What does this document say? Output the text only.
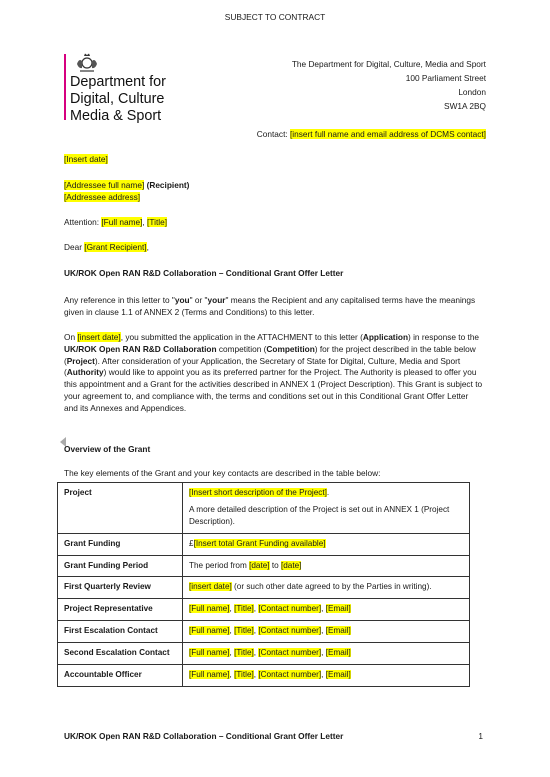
SUBJECT TO CONTRACT
Department for
Digital, Culture
Media & Sport
The Department for Digital, Culture, Media and Sport
100 Parliament Street
London
SW1A 2BQ
Contact: [insert full name and email address of DCMS contact]
[Insert date]
[Addressee full name] (Recipient)
[Addressee address]
Attention: [Full name], [Title]
Dear [Grant Recipient],
UK/ROK Open RAN R&D Collaboration – Conditional Grant Offer Letter

Any reference in this letter to "you" or "your" means the Recipient and any capitalised terms have the meanings given in clause 1.1 of ANNEX 2 (Terms and Conditions) to this letter.

On [insert date], you submitted the application in the ATTACHMENT to this letter (Application) in response to the UK/ROK Open RAN R&D Collaboration competition (Competition) for the project described in the table below (Project). After consideration of your Application, the Secretary of State for Digital, Culture, Media and Sport (Authority) would like to appoint you as its preferred partner for the Project. The Authority is pleased to offer you this appointment and a Grant for the activities described in ANNEX 1 (Project Description). This Grant is subject to your agreement to, and compliance with, the terms and conditions set out in this Conditional Grant Offer Letter and its Annexes and Appendices.

Overview of the Grant
The key elements of the Grant and your key contacts are described in the table below:
Project	[Insert short description of the Project].
A more detailed description of the Project is set out in ANNEX 1 (Project Description).

Grant Funding	£[Insert total Grant Funding available]
Grant Funding Period	The period from [date] to [date]
First Quarterly Review	[insert date] (or such other date agreed to by the Parties in writing).
Project Representative	[Full name], [Title], [Contact number], [Email]
First Escalation Contact	[Full name], [Title], [Contact number], [Email]
Second Escalation Contact	[Full name], [Title], [Contact number], [Email]
Accountable Officer	[Full name], [Title], [Contact number], [Email]
UK/ROK Open RAN R&D Collaboration – Conditional Grant Offer Letter	1
